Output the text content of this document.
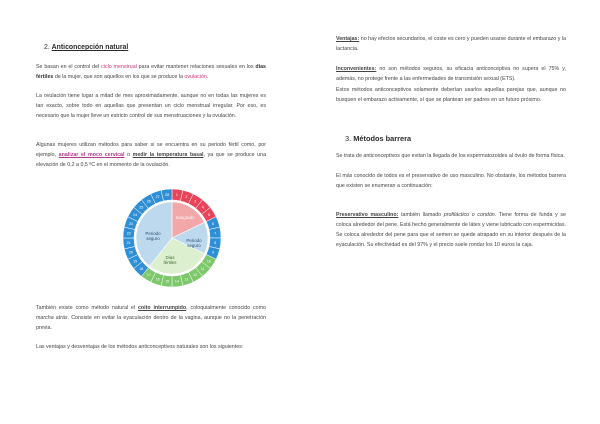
2. Anticoncepción natural
Se basan en el control del ciclo menstrual para evitar mantener relaciones sexuales en los días fértiles de la mujer, que son aquellos en los que se produce la ovulación.
La ovulación tiene lugar a mitad de mes aproximadamente, aunque no en todas las mujeres es tan exacto, sobre todo en aquellas que presentan un ciclo menstrual irregular. Por eso, es necesario que la mujer lleve un estricto control de sus menstruaciones y la ovulación.
Algunas mujeres utilizan métodos para saber si se encuentra en su periodo fértil como, por ejemplo, analizar el moco cervical o medir la temperatura basal, ya que se produce una elevación de 0,2 a 0,5 ºC en el momento de la ovulación.
1
2
3
4
5
6
7
8
9
10
11
12
13
14
15
16
17
18
19
20
21
22
23
24
25
26
27
28
Sangrado
Periodo seguro	Periodo seguro
Días fértiles
También existe como método natural el coito interrumpido, coloquialmente conocido como marcha atrás. Consiste en evitar la eyaculación dentro de la vagina, aunque no la penetración previa.
Las ventajas y desventajas de los métodos anticonceptivos naturales son los siguientes:
Ventajas: no hay efectos secundarios, el coste es cero y pueden usarse durante el embarazo y la lactancia.
Inconvenientes: no son métodos seguros, su eficacia anticonceptiva no supera el 75% y, además, no protege frente a las enfermedades de transmisión sexual (ETS).
Estos métodos anticonceptivos solamente deberían usarlos aquellas parejas que, aunque no busquen el embarazo activamente, sí que se plantean ser padres en un futuro próximo.
3. Métodos barrera
Se trata de anticonceptivos que evitan la llegada de los espermatozoides al óvulo de forma física.
El más conocido de todos es el preservativo de uso masculino. No obstante, los métodos barrera que existen se enumeran a continuación:
Preservativo masculino: también llamado profiláctico o condón. Tiene forma de funda y se coloca alrededor del pene. Está hecho generalmente de látex y viene lubricado con espermicidas. Se coloca alrededor del pene para que el semen se quede atrapado en su interior después de la eyaculación. Su efectividad es del 97% y el precio suele rondar los 10 euros la caja.
